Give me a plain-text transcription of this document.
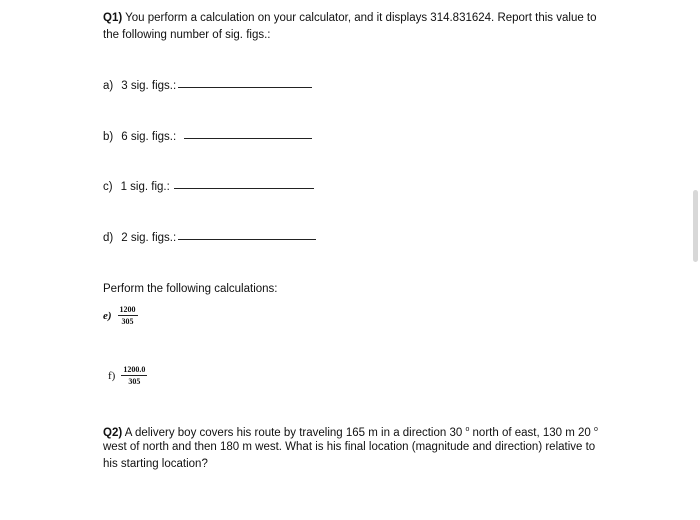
Q1) You perform a calculation on your calculator, and it displays 314.831624. Report this value to
the following number of sig. figs.:
a) 3 sig. figs.:
b) 6 sig. figs.:
c) 1 sig. fig.:
d) 2 sig. figs.:
Perform the following calculations:
$e) \frac{1200}{305}$
$f) \frac{1200.0}{305}$
Q2) A delivery boy covers his route by traveling 165 m in a direction 30 $^o$ north of east, 130 m 20 $^o$
west of north and then 180 m west. What is his final location (magnitude and direction) relative to
his starting location?
